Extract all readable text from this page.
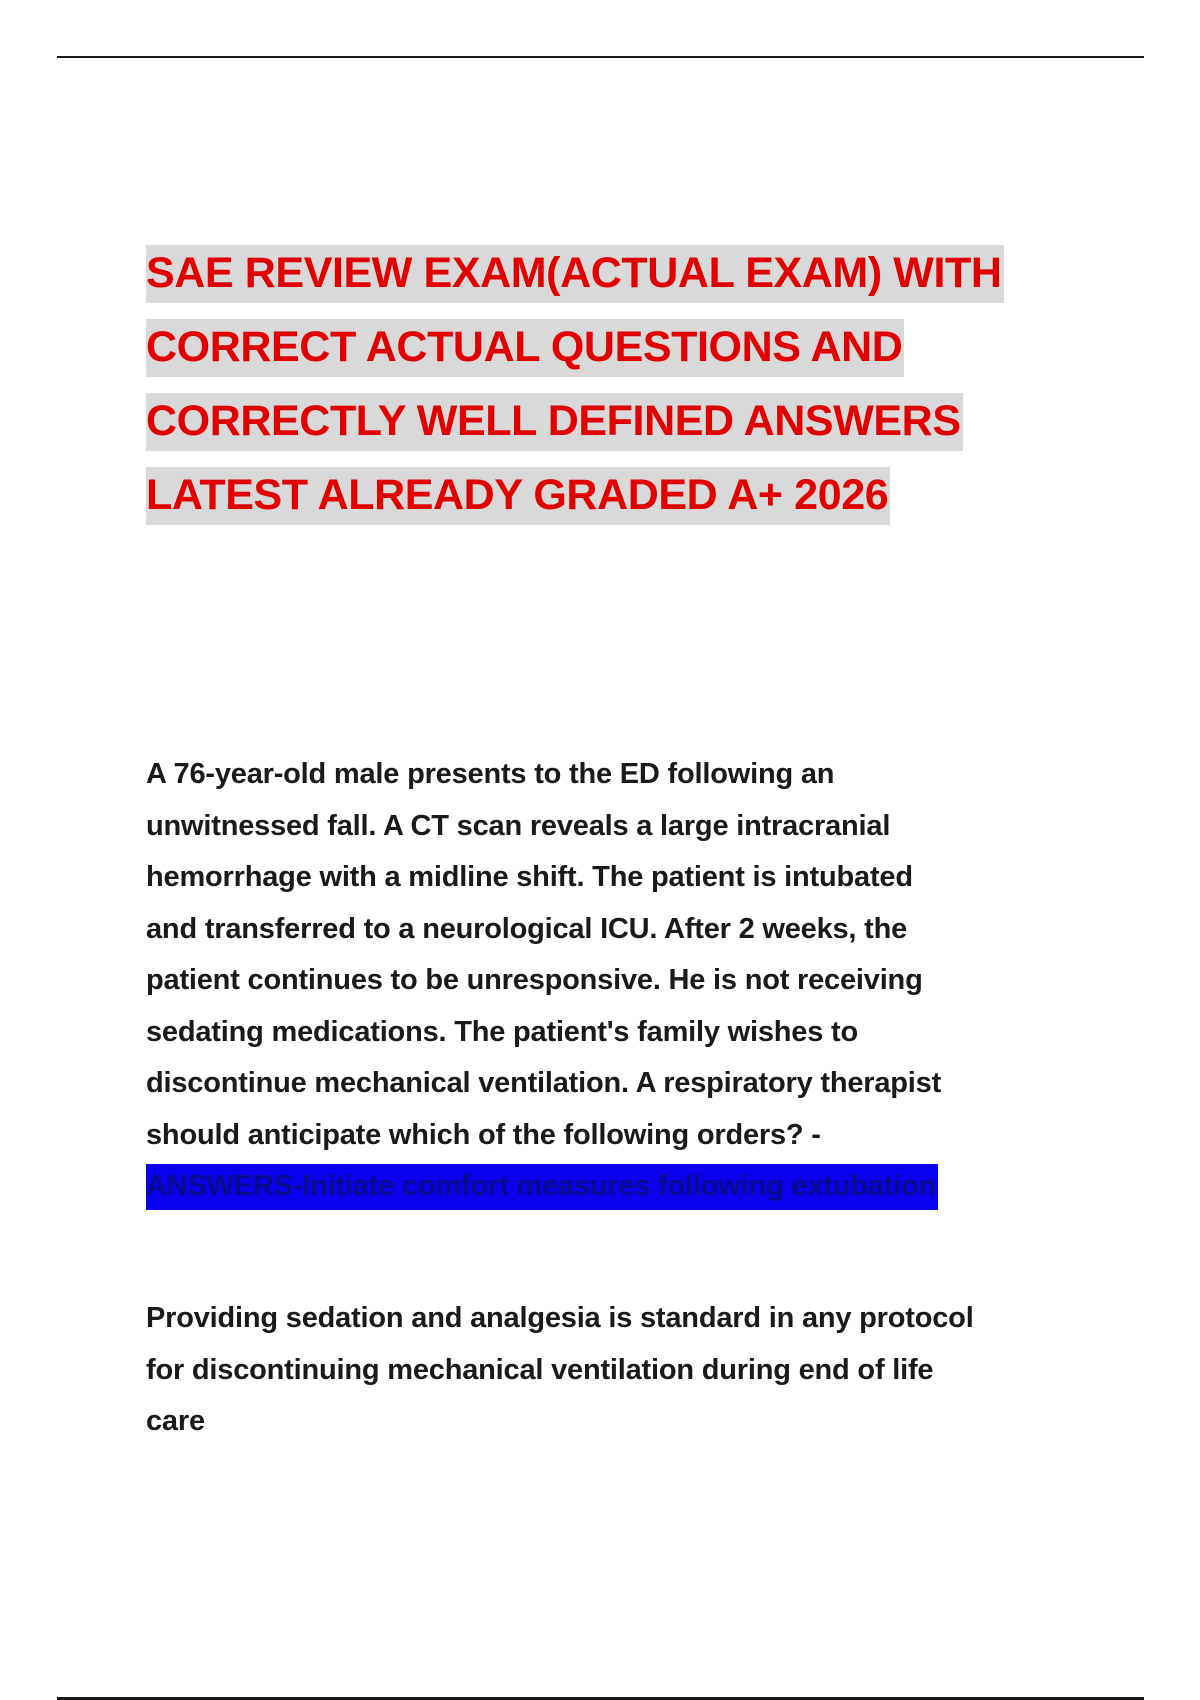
SAE REVIEW EXAM(ACTUAL EXAM) WITH
CORRECT ACTUAL QUESTIONS AND
CORRECTLY WELL DEFINED ANSWERS
LATEST ALREADY GRADED A+ 2026

A 76-year-old male presents to the ED following an
unwitnessed fall. A CT scan reveals a large intracranial
hemorrhage with a midline shift. The patient is intubated
and transferred to a neurological ICU. After 2 weeks, the
patient continues to be unresponsive. He is not receiving
sedating medications. The patient's family wishes to
discontinue mechanical ventilation. A respiratory therapist
should anticipate which of the following orders? -
ANSWERS-Initiate comfort measures following extubation

Providing sedation and analgesia is standard in any protocol
for discontinuing mechanical ventilation during end of life
care
